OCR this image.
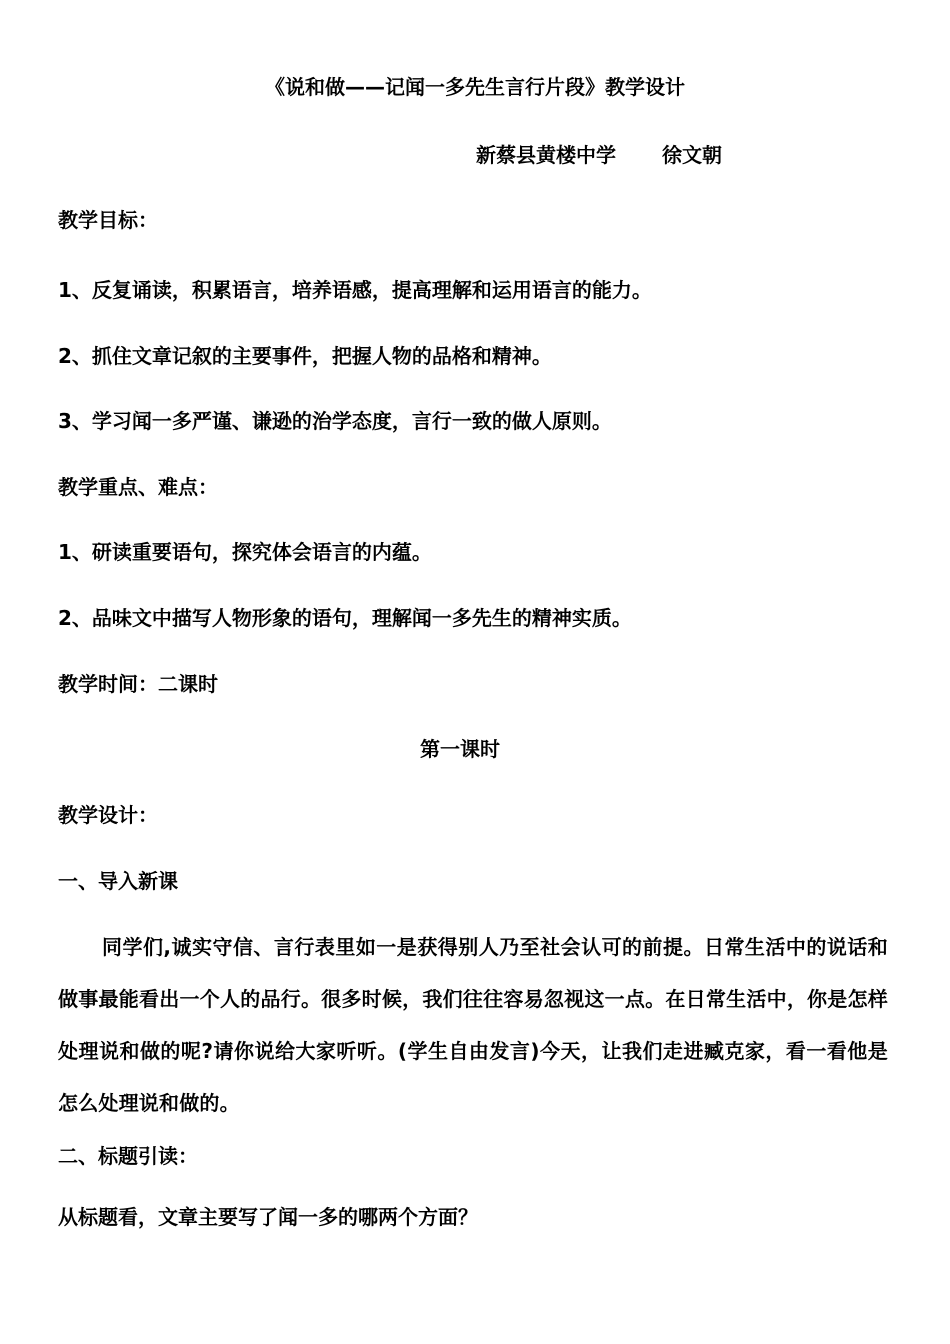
《说和做——记闻一多先生言行片段》教学设计
新蔡县黄楼中学 徐文朝
教学目标：
1、反复诵读，积累语言，培养语感，提高理解和运用语言的能力。
2、抓住文章记叙的主要事件，把握人物的品格和精神。
3、学习闻一多严谨、谦逊的治学态度，言行一致的做人原则。
教学重点、难点：
1、研读重要语句，探究体会语言的内蕴。
2、品味文中描写人物形象的语句，理解闻一多先生的精神实质。
教学时间：二课时
第一课时
教学设计：
一、导入新课
同学们,诚实守信、言行表里如一是获得别人乃至社会认可的前提。日常生活中的说话和做事最能看出一个人的品行。很多时候，我们往往容易忽视这一点。在日常生活中，你是怎样处理说和做的呢?请你说给大家听听。(学生自由发言)今天，让我们走进臧克家，看一看他是怎么处理说和做的。
二、标题引读：
从标题看，文章主要写了闻一多的哪两个方面？
